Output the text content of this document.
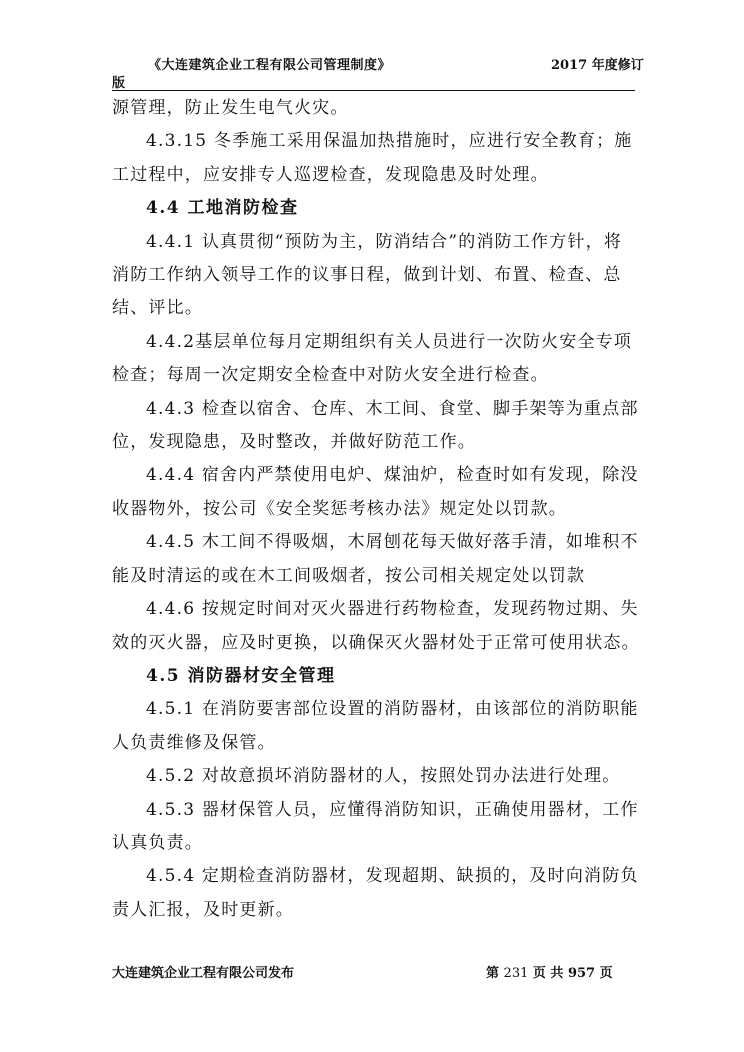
《大连建筑企业工程有限公司管理制度》	2017 年度修订
版

源管理，防止发生电气火灾。

4.3.15 冬季施工采用保温加热措施时，应进行安全教育；施工过程中，应安排专人巡逻检查，发现隐患及时处理。

4.4 工地消防检查

4.4.1 认真贯彻“预防为主，防消结合”的消防工作方针，将消防工作纳入领导工作的议事日程，做到计划、布置、检查、总结、评比。

4.4.2基层单位每月定期组织有关人员进行一次防火安全专项检查；每周一次定期安全检查中对防火安全进行检查。

4.4.3 检查以宿舍、仓库、木工间、食堂、脚手架等为重点部位，发现隐患，及时整改，并做好防范工作。

4.4.4 宿舍内严禁使用电炉、煤油炉，检查时如有发现，除没收器物外，按公司《安全奖惩考核办法》规定处以罚款。

4.4.5 木工间不得吸烟，木屑刨花每天做好落手清，如堆积不能及时清运的或在木工间吸烟者，按公司相关规定处以罚款

4.4.6 按规定时间对灭火器进行药物检查，发现药物过期、失效的灭火器，应及时更换，以确保灭火器材处于正常可使用状态。

4.5 消防器材安全管理

4.5.1 在消防要害部位设置的消防器材，由该部位的消防职能人负责维修及保管。

4.5.2 对故意损坏消防器材的人，按照处罚办法进行处理。

4.5.3 器材保管人员，应懂得消防知识，正确使用器材，工作认真负责。

4.5.4 定期检查消防器材，发现超期、缺损的，及时向消防负责人汇报，及时更新。

大连建筑企业工程有限公司发布	第 231 页 共 957 页
